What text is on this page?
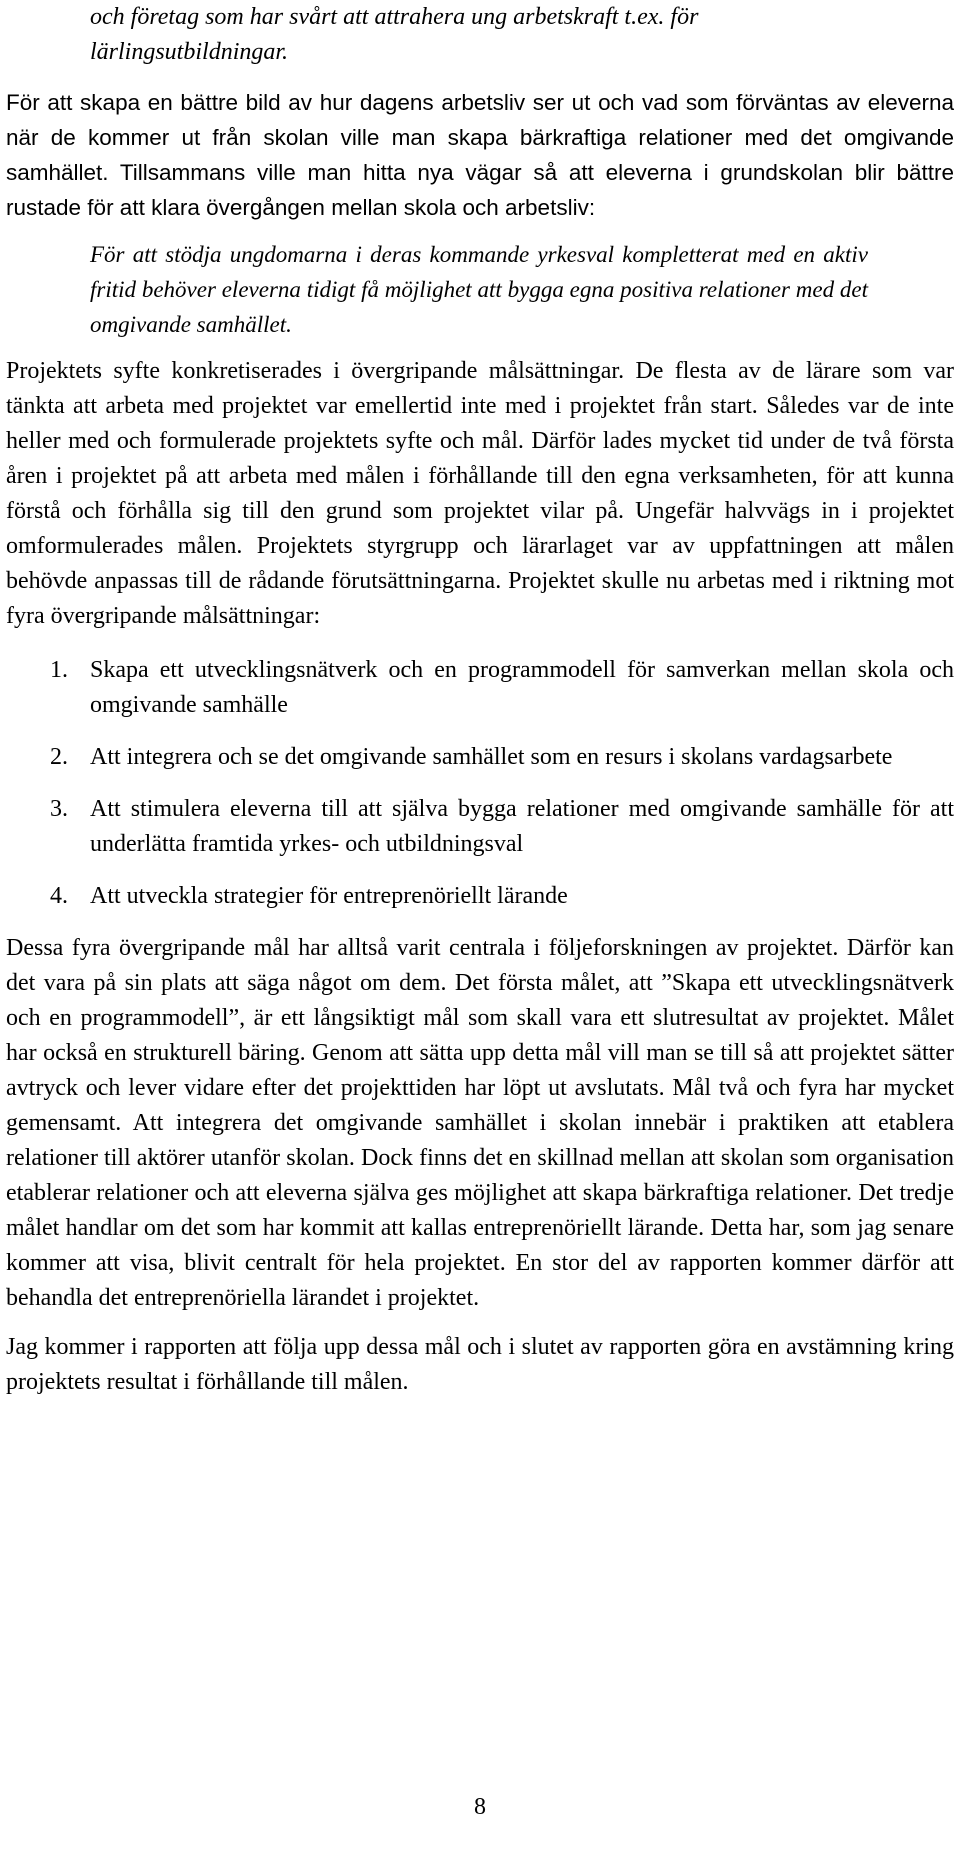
och företag som har svårt att attrahera ung arbetskraft t.ex. för
lärlingsutbildningar.

För att skapa en bättre bild av hur dagens arbetsliv ser ut och vad som förväntas av eleverna när de kommer ut från skolan ville man skapa bärkraftiga relationer med det omgivande samhället. Tillsammans ville man hitta nya vägar så att eleverna i grundskolan blir bättre rustade för att klara övergången mellan skola och arbetsliv:

För att stödja ungdomarna i deras kommande yrkesval kompletterat med en aktiv fritid behöver eleverna tidigt få möjlighet att bygga egna positiva relationer med det omgivande samhället.

Projektets syfte konkretiserades i övergripande målsättningar. De flesta av de lärare som var tänkta att arbeta med projektet var emellertid inte med i projektet från start. Således var de inte heller med och formulerade projektets syfte och mål. Därför lades mycket tid under de två första åren i projektet på att arbeta med målen i förhållande till den egna verksamheten, för att kunna förstå och förhålla sig till den grund som projektet vilar på. Ungefär halvvägs in i projektet omformulerades målen. Projektets styrgrupp och lärarlaget var av uppfattningen att målen behövde anpassas till de rådande förutsättningarna. Projektet skulle nu arbetas med i riktning mot fyra övergripande målsättningar:

1. Skapa ett utvecklingsnätverk och en programmodell för samverkan mellan skola och omgivande samhälle
2. Att integrera och se det omgivande samhället som en resurs i skolans vardagsarbete
3. Att stimulera eleverna till att själva bygga relationer med omgivande samhälle för att underlätta framtida yrkes- och utbildningsval
4. Att utveckla strategier för entreprenöriellt lärande

Dessa fyra övergripande mål har alltså varit centrala i följeforskningen av projektet. Därför kan det vara på sin plats att säga något om dem. Det första målet, att ”Skapa ett utvecklingsnätverk och en programmodell”, är ett långsiktigt mål som skall vara ett slutresultat av projektet. Målet har också en strukturell bäring. Genom att sätta upp detta mål vill man se till så att projektet sätter avtryck och lever vidare efter det projekttiden har löpt ut avslutats. Mål två och fyra har mycket gemensamt. Att integrera det omgivande samhället i skolan innebär i praktiken att etablera relationer till aktörer utanför skolan. Dock finns det en skillnad mellan att skolan som organisation etablerar relationer och att eleverna själva ges möjlighet att skapa bärkraftiga relationer. Det tredje målet handlar om det som har kommit att kallas entreprenöriellt lärande. Detta har, som jag senare kommer att visa, blivit centralt för hela projektet. En stor del av rapporten kommer därför att behandla det entreprenöriella lärandet i projektet.

Jag kommer i rapporten att följa upp dessa mål och i slutet av rapporten göra en avstämning kring projektets resultat i förhållande till målen.

8
